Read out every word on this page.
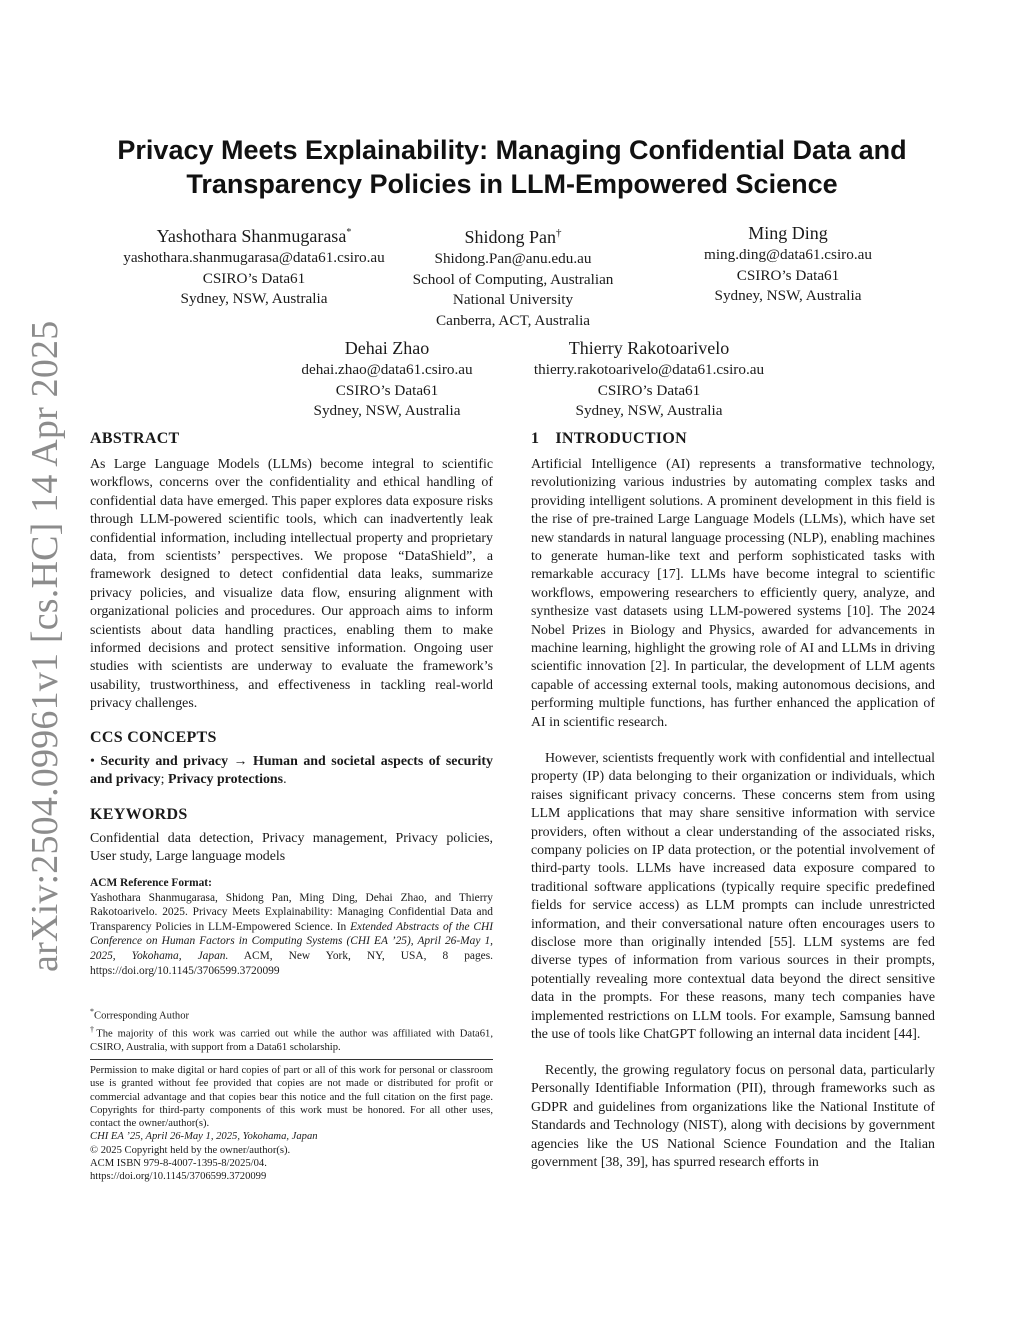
arXiv:2504.09961v1 [cs.HC] 14 Apr 2025
Privacy Meets Explainability: Managing Confidential Data and Transparency Policies in LLM-Empowered Science
Yashothara Shanmugarasa*
yashothara.shanmugarasa@data61.csiro.au
CSIRO’s Data61
Sydney, NSW, Australia
Shidong Pan†
Shidong.Pan@anu.edu.au
School of Computing, Australian
National University
Canberra, ACT, Australia
Ming Ding
ming.ding@data61.csiro.au
CSIRO’s Data61
Sydney, NSW, Australia
Dehai Zhao
dehai.zhao@data61.csiro.au
CSIRO’s Data61
Sydney, NSW, Australia
Thierry Rakotoarivelo
thierry.rakotoarivelo@data61.csiro.au
CSIRO’s Data61
Sydney, NSW, Australia
ABSTRACT

As Large Language Models (LLMs) become integral to scientific workflows, concerns over the confidentiality and ethical handling of confidential data have emerged. This paper explores data exposure risks through LLM-powered scientific tools, which can inadvertently leak confidential information, including intellectual property and proprietary data, from scientists’ perspectives. We propose “DataShield”, a framework designed to detect confidential data leaks, summarize privacy policies, and visualize data flow, ensuring alignment with organizational policies and procedures. Our approach aims to inform scientists about data handling practices, enabling them to make informed decisions and protect sensitive information. Ongoing user studies with scientists are underway to evaluate the framework’s usability, trustworthiness, and effectiveness in tackling real-world privacy challenges.

CCS CONCEPTS

• Security and privacy → Human and societal aspects of security and privacy; Privacy protections.

KEYWORDS

Confidential data detection, Privacy management, Privacy policies, User study, Large language models

ACM Reference Format:
Yashothara Shanmugarasa, Shidong Pan, Ming Ding, Dehai Zhao, and Thierry Rakotoarivelo. 2025. Privacy Meets Explainability: Managing Confidential Data and Transparency Policies in LLM-Empowered Science. In Extended Abstracts of the CHI Conference on Human Factors in Computing Systems (CHI EA ’25), April 26-May 1, 2025, Yokohama, Japan. ACM, New York, NY, USA, 8 pages. https://doi.org/10.1145/3706599.3720099
*Corresponding Author
†The majority of this work was carried out while the author was affiliated with Data61, CSIRO, Australia, with support from a Data61 scholarship.
Permission to make digital or hard copies of part or all of this work for personal or classroom use is granted without fee provided that copies are not made or distributed for profit or commercial advantage and that copies bear this notice and the full citation on the first page. Copyrights for third-party components of this work must be honored. For all other uses, contact the owner/author(s).
CHI EA ’25, April 26-May 1, 2025, Yokohama, Japan
© 2025 Copyright held by the owner/author(s).
ACM ISBN 979-8-4007-1395-8/2025/04.
https://doi.org/10.1145/3706599.3720099
1 INTRODUCTION

Artificial Intelligence (AI) represents a transformative technology, revolutionizing various industries by automating complex tasks and providing intelligent solutions. A prominent development in this field is the rise of pre-trained Large Language Models (LLMs), which have set new standards in natural language processing (NLP), enabling machines to generate human-like text and perform sophisticated tasks with remarkable accuracy [17]. LLMs have become integral to scientific workflows, empowering researchers to efficiently query, analyze, and synthesize vast datasets using LLM-powered systems [10]. The 2024 Nobel Prizes in Biology and Physics, awarded for advancements in machine learning, highlight the growing role of AI and LLMs in driving scientific innovation [2]. In particular, the development of LLM agents capable of accessing external tools, making autonomous decisions, and performing multiple functions, has further enhanced the application of AI in scientific research.

However, scientists frequently work with confidential and intellectual property (IP) data belonging to their organization or individuals, which raises significant privacy concerns. These concerns stem from using LLM applications that may share sensitive information with service providers, often without a clear understanding of the associated risks, company policies on IP data protection, or the potential involvement of third-party tools. LLMs have increased data exposure compared to traditional software applications (typically require specific predefined fields for service access) as LLM prompts can include unrestricted information, and their conversational nature often encourages users to disclose more than originally intended [55]. LLM systems are fed diverse types of information from various sources in their prompts, potentially revealing more contextual data beyond the direct sensitive data in the prompts. For these reasons, many tech companies have implemented restrictions on LLM tools. For example, Samsung banned the use of tools like ChatGPT following an internal data incident [44].

Recently, the growing regulatory focus on personal data, particularly Personally Identifiable Information (PII), through frameworks such as GDPR and guidelines from organizations like the National Institute of Standards and Technology (NIST), along with decisions by government agencies like the US National Science Foundation and the Italian government [38, 39], has spurred research efforts in
